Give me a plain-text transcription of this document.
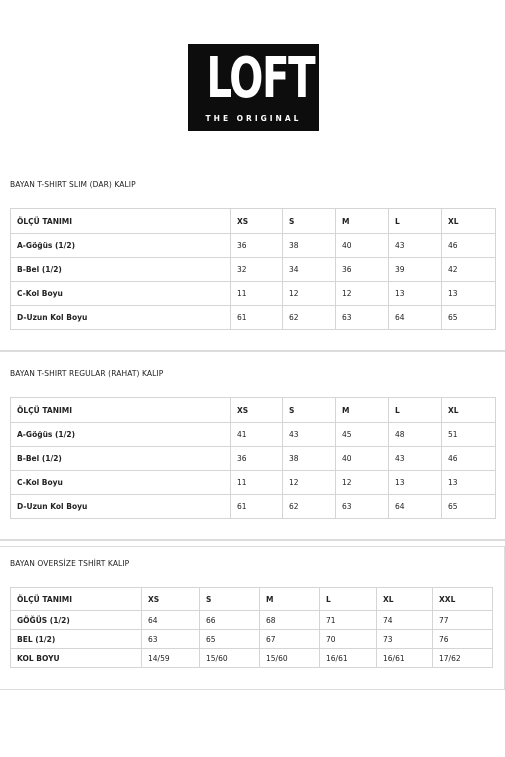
LOFT
THE ORIGINAL
BAYAN T-SHIRT SLIM (DAR) KALIP
ÖLÇÜ TANIMI	XS	S	M	L	XL
A-Göğüs (1/2)	36	38	40	43	46
B-Bel (1/2)	32	34	36	39	42
C-Kol Boyu	11	12	12	13	13
D-Uzun Kol Boyu	61	62	63	64	65
BAYAN T-SHIRT REGULAR (RAHAT) KALIP
ÖLÇÜ TANIMI	XS	S	M	L	XL
A-Göğüs (1/2)	41	43	45	48	51
B-Bel (1/2)	36	38	40	43	46
C-Kol Boyu	11	12	12	13	13
D-Uzun Kol Boyu	61	62	63	64	65
BAYAN OVERSİZE TSHİRT KALIP
ÖLÇÜ TANIMI	XS	S	M	L	XL	XXL
GÖĞÜS (1/2)	64	66	68	71	74	77
BEL (1/2)	63	65	67	70	73	76
KOL BOYU	14/59	15/60	15/60	16/61	16/61	17/62
